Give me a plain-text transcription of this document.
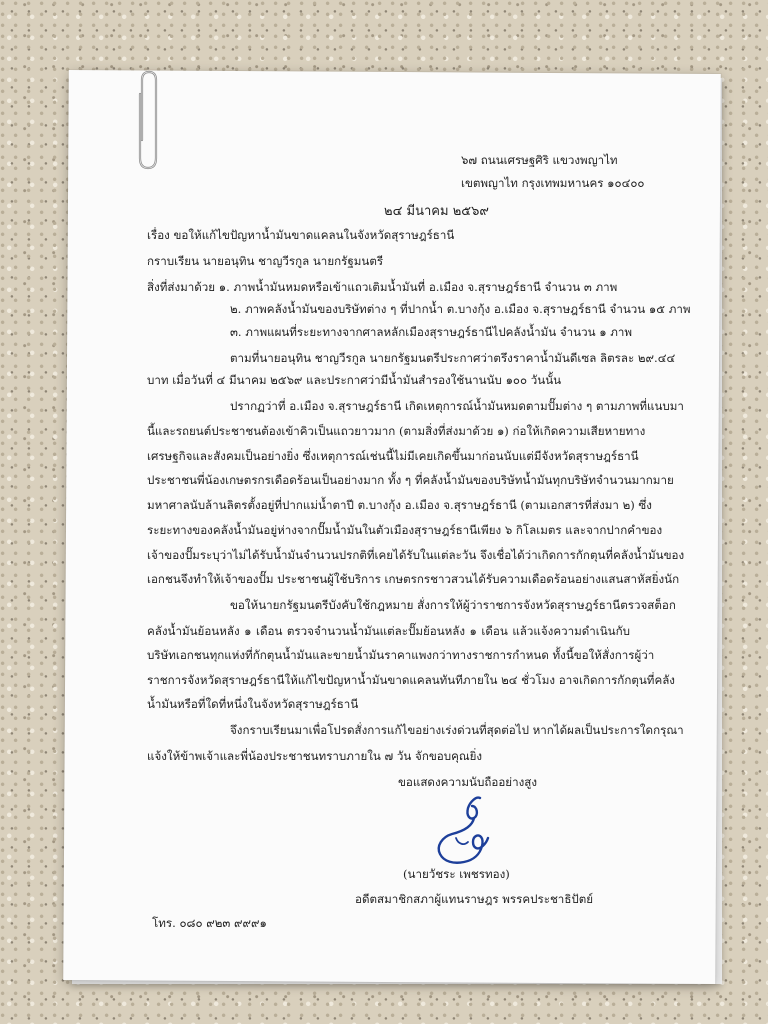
๖๗ ถนนเศรษฐศิริ แขวงพญาไท
เขตพญาไท กรุงเทพมหานคร ๑๐๔๐๐
๒๔ มีนาคม ๒๕๖๙
เรื่อง ขอให้แก้ไขปัญหาน้ำมันขาดแคลนในจังหวัดสุราษฎร์ธานี
กราบเรียน นายอนุทิน ชาญวีรกูล นายกรัฐมนตรี
สิ่งที่ส่งมาด้วย ๑. ภาพน้ำมันหมดหรือเข้าแถวเติมน้ำมันที่ อ.เมือง จ.สุราษฎร์ธานี จำนวน ๓ ภาพ
๒. ภาพคลังน้ำมันของบริษัทต่าง ๆ ที่ปากน้ำ ต.บางกุ้ง อ.เมือง จ.สุราษฎร์ธานี จำนวน ๑๕ ภาพ
๓. ภาพแผนที่ระยะทางจากศาลหลักเมืองสุราษฎร์ธานีไปคลังน้ำมัน จำนวน ๑ ภาพ
ตามที่นายอนุทิน ชาญวีรกูล นายกรัฐมนตรีประกาศว่าตรึงราคาน้ำมันดีเซล ลิตรละ ๒๙.๔๔
บาท เมื่อวันที่ ๔ มีนาคม ๒๕๖๙ และประกาศว่ามีน้ำมันสำรองใช้นานนับ ๑๐๐ วันนั้น
ปรากฏว่าที่ อ.เมือง จ.สุราษฎร์ธานี เกิดเหตุการณ์น้ำมันหมดตามปั๊มต่าง ๆ ตามภาพที่แนบมา
นี้และรถยนต์ประชาชนต้องเข้าคิวเป็นแถวยาวมาก (ตามสิ่งที่ส่งมาด้วย ๑) ก่อให้เกิดความเสียหายทาง
เศรษฐกิจและสังคมเป็นอย่างยิ่ง ซึ่งเหตุการณ์เช่นนี้ไม่มีเคยเกิดขึ้นมาก่อนนับแต่มีจังหวัดสุราษฎร์ธานี
ประชาชนพี่น้องเกษตรกรเดือดร้อนเป็นอย่างมาก ทั้ง ๆ ที่คลังน้ำมันของบริษัทน้ำมันทุกบริษัทจำนวนมากมาย
มหาศาลนับล้านลิตรตั้งอยู่ที่ปากแม่น้ำตาปี ต.บางกุ้ง อ.เมือง จ.สุราษฎร์ธานี (ตามเอกสารที่ส่งมา ๒) ซึ่ง
ระยะทางของคลังน้ำมันอยู่ห่างจากปั๊มน้ำมันในตัวเมืองสุราษฎร์ธานีเพียง ๖ กิโลเมตร และจากปากคำของ
เจ้าของปั๊มระบุว่าไม่ได้รับน้ำมันจำนวนปรกติที่เคยได้รับในแต่ละวัน จึงเชื่อได้ว่าเกิดการกักตุนที่คลังน้ำมันของ
เอกชนจึงทำให้เจ้าของปั๊ม ประชาชนผู้ใช้บริการ เกษตรกรชาวสวนได้รับความเดือดร้อนอย่างแสนสาหัสยิ่งนัก
ขอให้นายกรัฐมนตรีบังคับใช้กฎหมาย สั่งการให้ผู้ว่าราชการจังหวัดสุราษฎร์ธานีตรวจสต็อก
คลังน้ำมันย้อนหลัง ๑ เดือน ตรวจจำนวนน้ำมันแต่ละปั๊มย้อนหลัง ๑ เดือน แล้วแจ้งความดำเนินกับ
บริษัทเอกชนทุกแห่งที่กักตุนน้ำมันและขายน้ำมันราคาแพงกว่าทางราชการกำหนด ทั้งนี้ขอให้สั่งการผู้ว่า
ราชการจังหวัดสุราษฎร์ธานีให้แก้ไขปัญหาน้ำมันขาดแคลนทันทีภายใน ๒๔ ชั่วโมง อาจเกิดการกักตุนที่คลัง
น้ำมันหรือที่ใดที่หนึ่งในจังหวัดสุราษฎร์ธานี
จึงกราบเรียนมาเพื่อโปรดสั่งการแก้ไขอย่างเร่งด่วนที่สุดต่อไป หากได้ผลเป็นประการใดกรุณา
แจ้งให้ข้าพเจ้าและพี่น้องประชาชนทราบภายใน ๗ วัน จักขอบคุณยิ่ง
ขอแสดงความนับถืออย่างสูง
(นายวัชระ เพชรทอง)
อดีตสมาชิกสภาผู้แทนราษฎร พรรคประชาธิปัตย์
โทร. ๐๘๐ ๙๒๓ ๙๙๙๑
